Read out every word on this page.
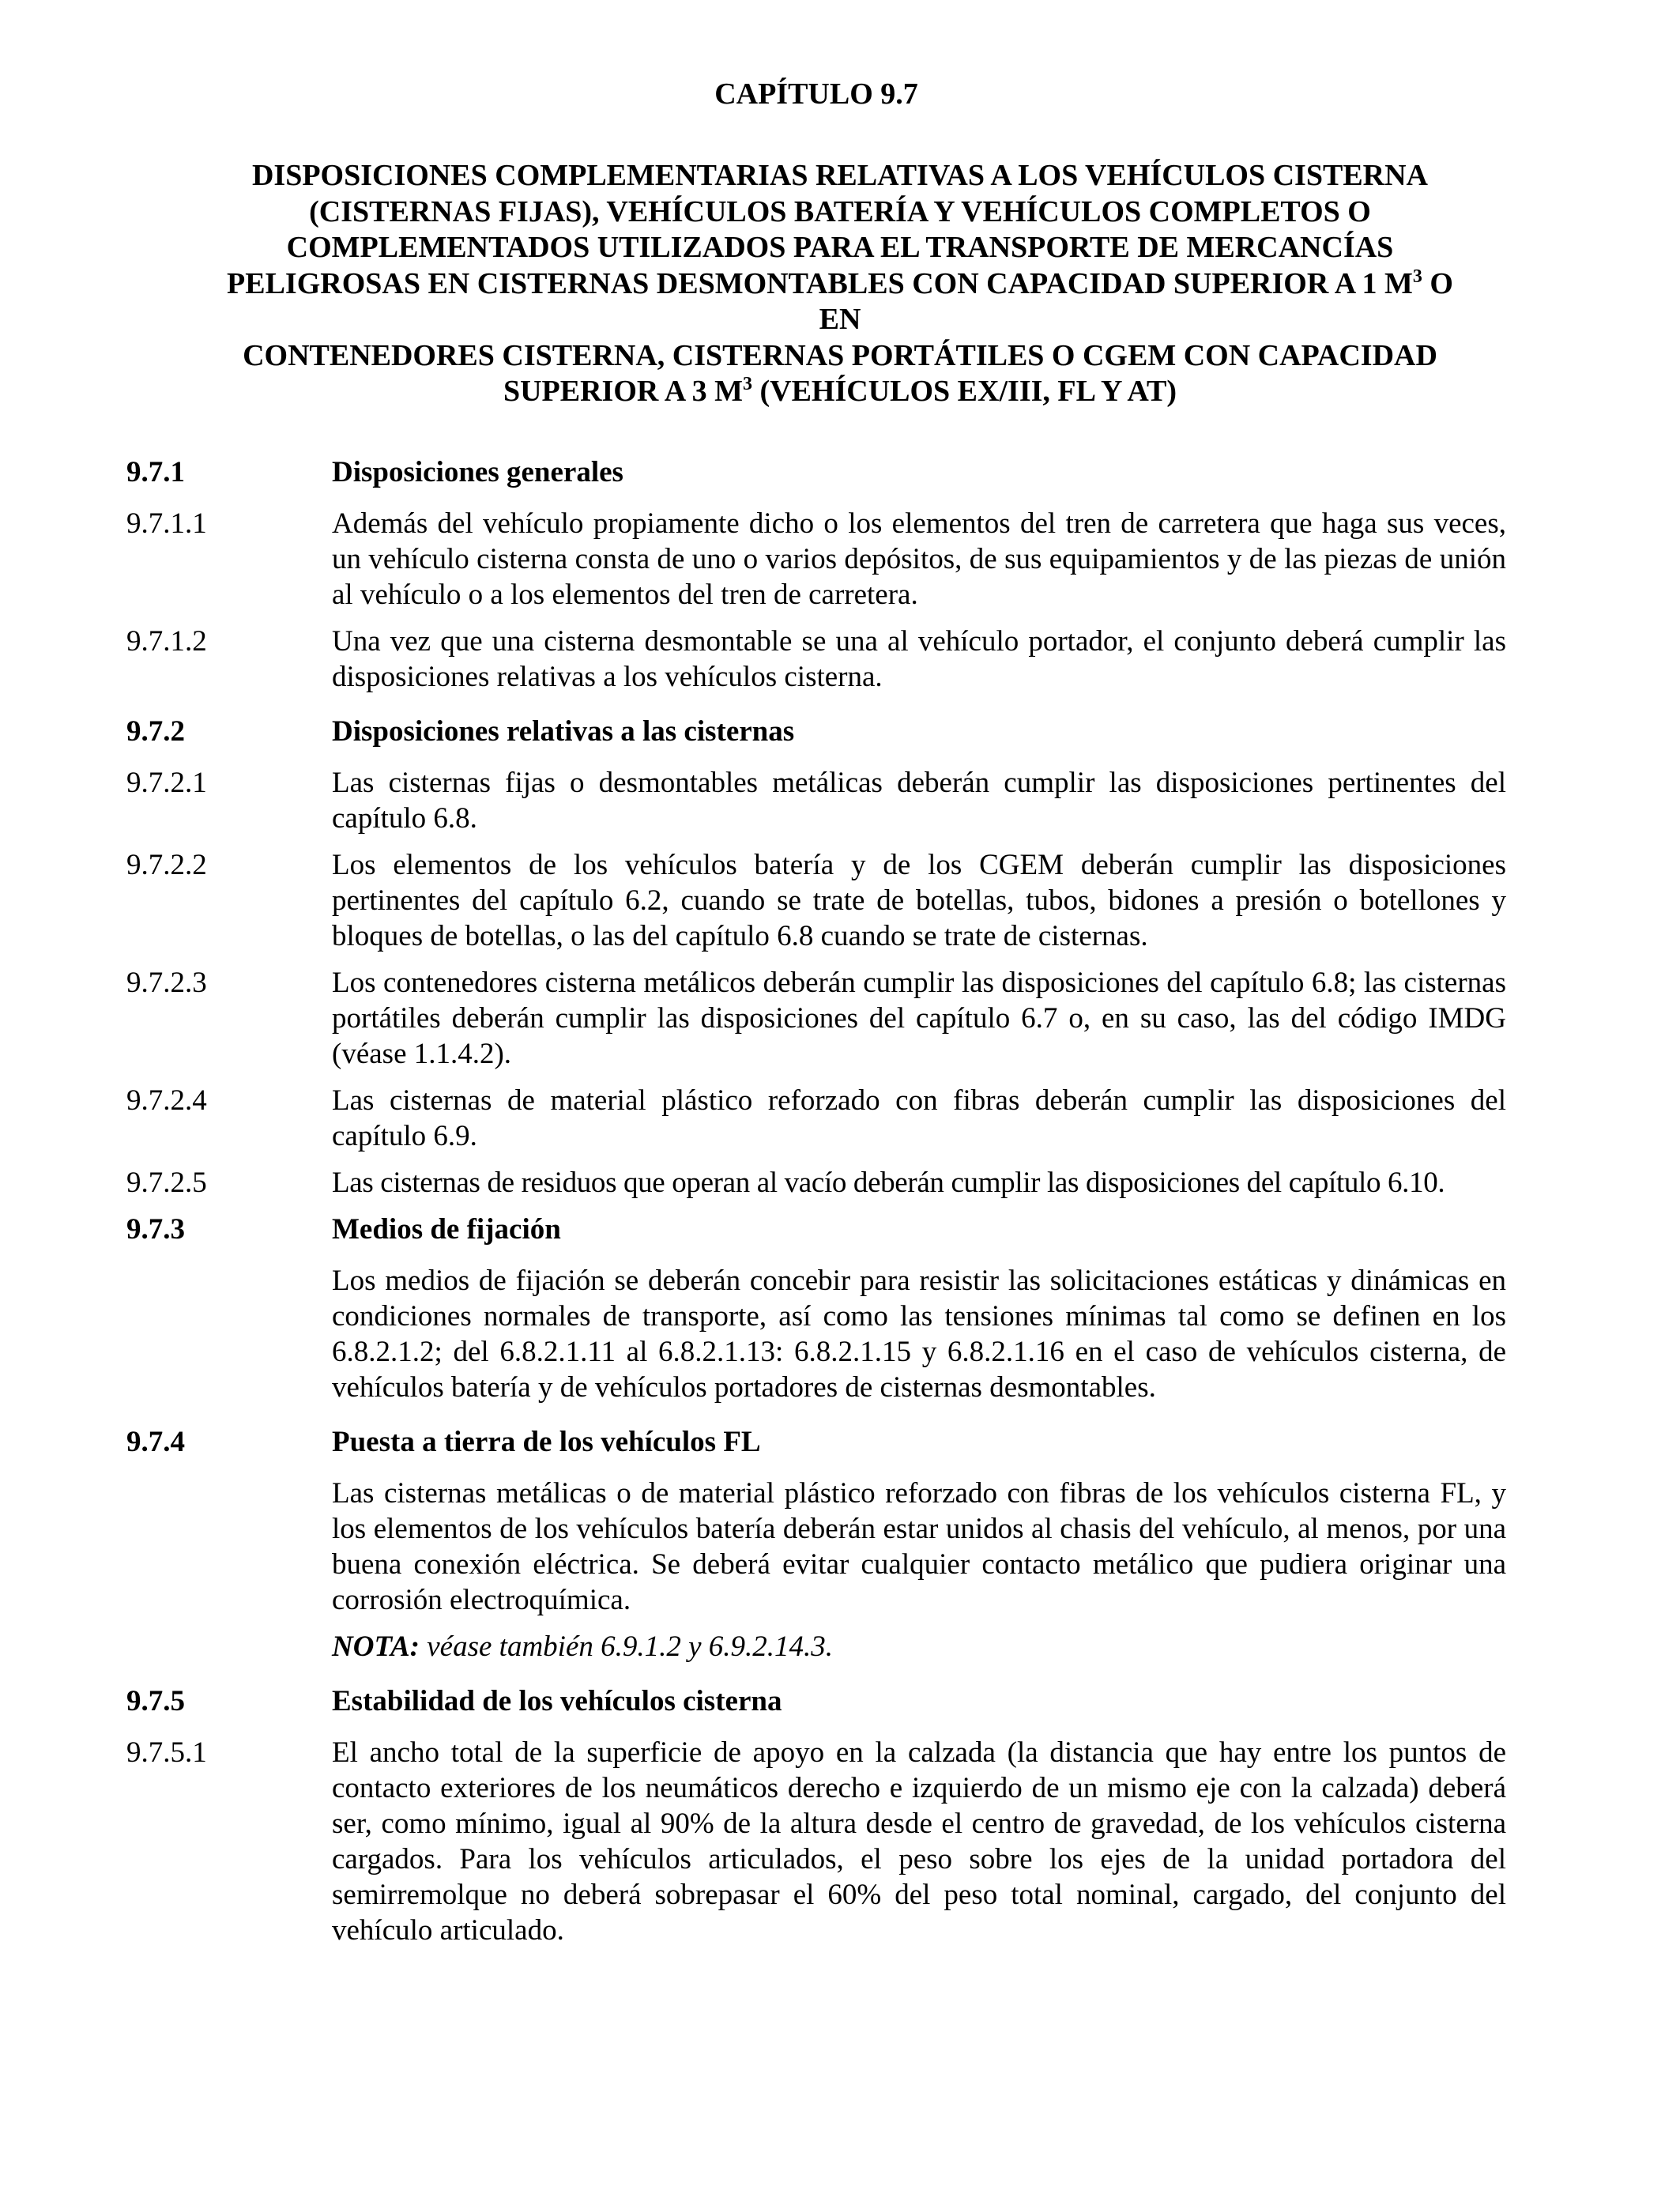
CAPÍTULO 9.7
DISPOSICIONES COMPLEMENTARIAS RELATIVAS A LOS VEHÍCULOS CISTERNA
(CISTERNAS FIJAS), VEHÍCULOS BATERÍA Y VEHÍCULOS COMPLETOS O
COMPLEMENTADOS UTILIZADOS PARA EL TRANSPORTE DE MERCANCÍAS
PELIGROSAS EN CISTERNAS DESMONTABLES CON CAPACIDAD SUPERIOR A 1 $M^3$ O EN
CONTENEDORES CISTERNA, CISTERNAS PORTÁTILES O CGEM CON CAPACIDAD
SUPERIOR A 3 $M^3$ (VEHÍCULOS EX/III, FL Y AT)
9.7.1	Disposiciones generales
9.7.1.1	Además del vehículo propiamente dicho o los elementos del tren de carretera que haga sus veces, un vehículo cisterna consta de uno o varios depósitos, de sus equipamientos y de las piezas de unión al vehículo o a los elementos del tren de carretera.
9.7.1.2	Una vez que una cisterna desmontable se una al vehículo portador, el conjunto deberá cumplir las disposiciones relativas a los vehículos cisterna.
9.7.2	Disposiciones relativas a las cisternas
9.7.2.1	Las cisternas fijas o desmontables metálicas deberán cumplir las disposiciones pertinentes del capítulo 6.8.
9.7.2.2	Los elementos de los vehículos batería y de los CGEM deberán cumplir las disposiciones pertinentes del capítulo 6.2, cuando se trate de botellas, tubos, bidones a presión o botellones y bloques de botellas, o las del capítulo 6.8 cuando se trate de cisternas.
9.7.2.3	Los contenedores cisterna metálicos deberán cumplir las disposiciones del capítulo 6.8; las cisternas portátiles deberán cumplir las disposiciones del capítulo 6.7 o, en su caso, las del código IMDG (véase 1.1.4.2).
9.7.2.4	Las cisternas de material plástico reforzado con fibras deberán cumplir las disposiciones del capítulo 6.9.
9.7.2.5	Las cisternas de residuos que operan al vacío deberán cumplir las disposiciones del capítulo 6.10.
9.7.3	Medios de fijación
Los medios de fijación se deberán concebir para resistir las solicitaciones estáticas y dinámicas en condiciones normales de transporte, así como las tensiones mínimas tal como se definen en los 6.8.2.1.2; del 6.8.2.1.11 al 6.8.2.1.13: 6.8.2.1.15 y 6.8.2.1.16 en el caso de vehículos cisterna, de vehículos batería y de vehículos portadores de cisternas desmontables.
9.7.4	Puesta a tierra de los vehículos FL
Las cisternas metálicas o de material plástico reforzado con fibras de los vehículos cisterna FL, y los elementos de los vehículos batería deberán estar unidos al chasis del vehículo, al menos, por una buena conexión eléctrica. Se deberá evitar cualquier contacto metálico que pudiera originar una corrosión electroquímica.
NOTA: véase también 6.9.1.2 y 6.9.2.14.3.
9.7.5	Estabilidad de los vehículos cisterna
9.7.5.1	El ancho total de la superficie de apoyo en la calzada (la distancia que hay entre los puntos de contacto exteriores de los neumáticos derecho e izquierdo de un mismo eje con la calzada) deberá ser, como mínimo, igual al 90% de la altura desde el centro de gravedad, de los vehículos cisterna cargados. Para los vehículos articulados, el peso sobre los ejes de la unidad portadora del semirremolque no deberá sobrepasar el 60% del peso total nominal, cargado, del conjunto del vehículo articulado.
